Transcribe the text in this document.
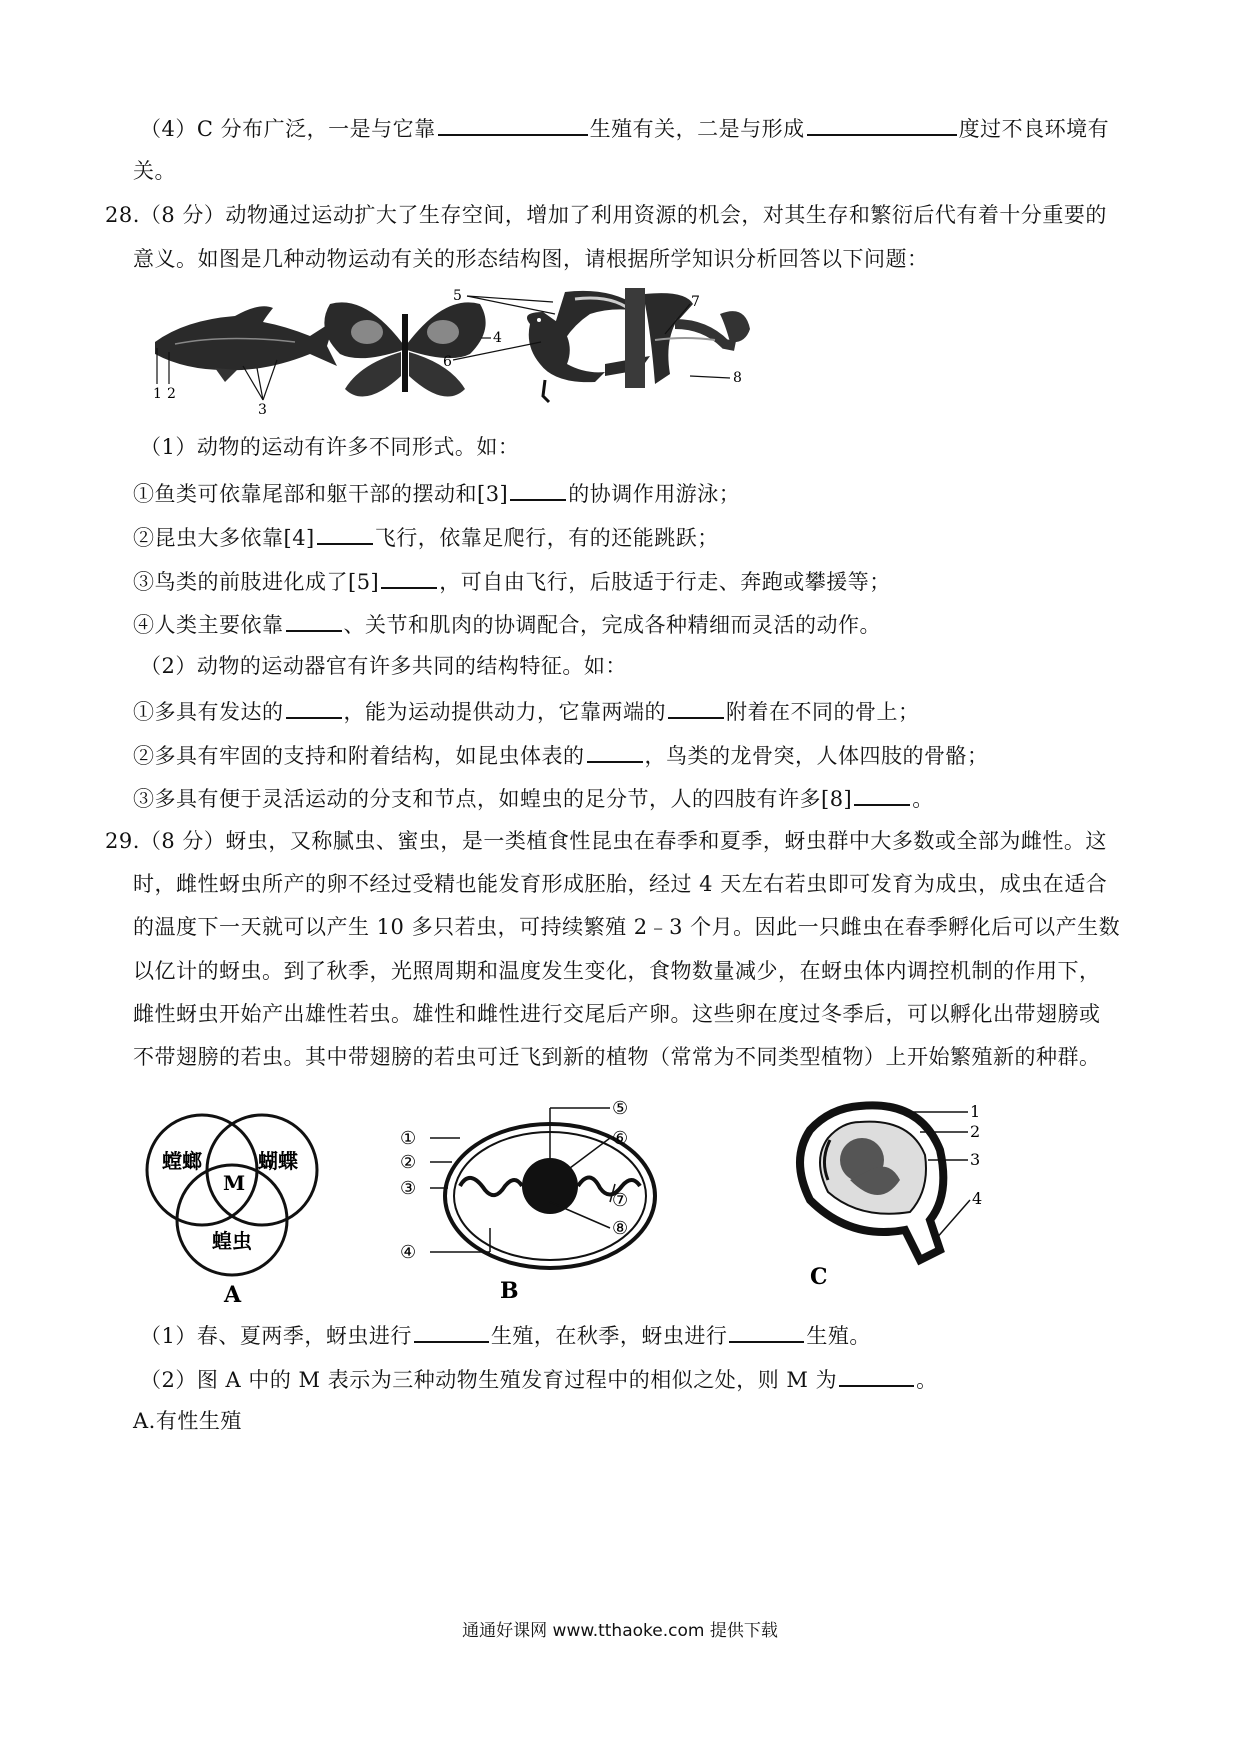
（4）C 分布广泛，一是与它靠	生殖有关，二是与形成	度过不良环境有
关。
28.（8 分）动物通过运动扩大了生存空间，增加了利用资源的机会，对其生存和繁衍后代有着十分重要的
意义。如图是几种动物运动有关的形态结构图，请根据所学知识分析回答以下问题：
1 2
3
4
5
6
7
8
（1）动物的运动有许多不同形式。如：
①鱼类可依靠尾部和躯干部的摆动和[3]	的协调作用游泳；
②昆虫大多依靠[4]	飞行，依靠足爬行，有的还能跳跃；
③鸟类的前肢进化成了[5]	，可自由飞行，后肢适于行走、奔跑或攀援等；
④人类主要依靠	、关节和肌肉的协调配合，完成各种精细而灵活的动作。
（2）动物的运动器官有许多共同的结构特征。如：
①多具有发达的	，能为运动提供动力，它靠两端的	附着在不同的骨上；
②多具有牢固的支持和附着结构，如昆虫体表的	，鸟类的龙骨突，人体四肢的骨骼；
③多具有便于灵活运动的分支和节点，如蝗虫的足分节，人的四肢有许多[8]	。
29.（8 分）蚜虫，又称腻虫、蜜虫，是一类植食性昆虫在春季和夏季，蚜虫群中大多数或全部为雌性。这
时，雌性蚜虫所产的卵不经过受精也能发育形成胚胎，经过 4 天左右若虫即可发育为成虫，成虫在适合
的温度下一天就可以产生 10 多只若虫，可持续繁殖 2﹣3 个月。因此一只雌虫在春季孵化后可以产生数
以亿计的蚜虫。到了秋季，光照周期和温度发生变化，食物数量减少，在蚜虫体内调控机制的作用下，
雌性蚜虫开始产出雄性若虫。雄性和雌性进行交尾后产卵。这些卵在度过冬季后，可以孵化出带翅膀或
不带翅膀的若虫。其中带翅膀的若虫可迁飞到新的植物（常常为不同类型植物）上开始繁殖新的种群。
螳螂	蝴蝶
蝗虫
M
A
①
②
③
④
⑤
⑥
⑦
⑧
B
1
2
3
4
C
（1）春、夏两季，蚜虫进行	生殖，在秋季，蚜虫进行	生殖。
（2）图 A 中的 M 表示为三种动物生殖发育过程中的相似之处，则 M 为	。
A.有性生殖
通通好课网 www.tthaoke.com 提供下载
